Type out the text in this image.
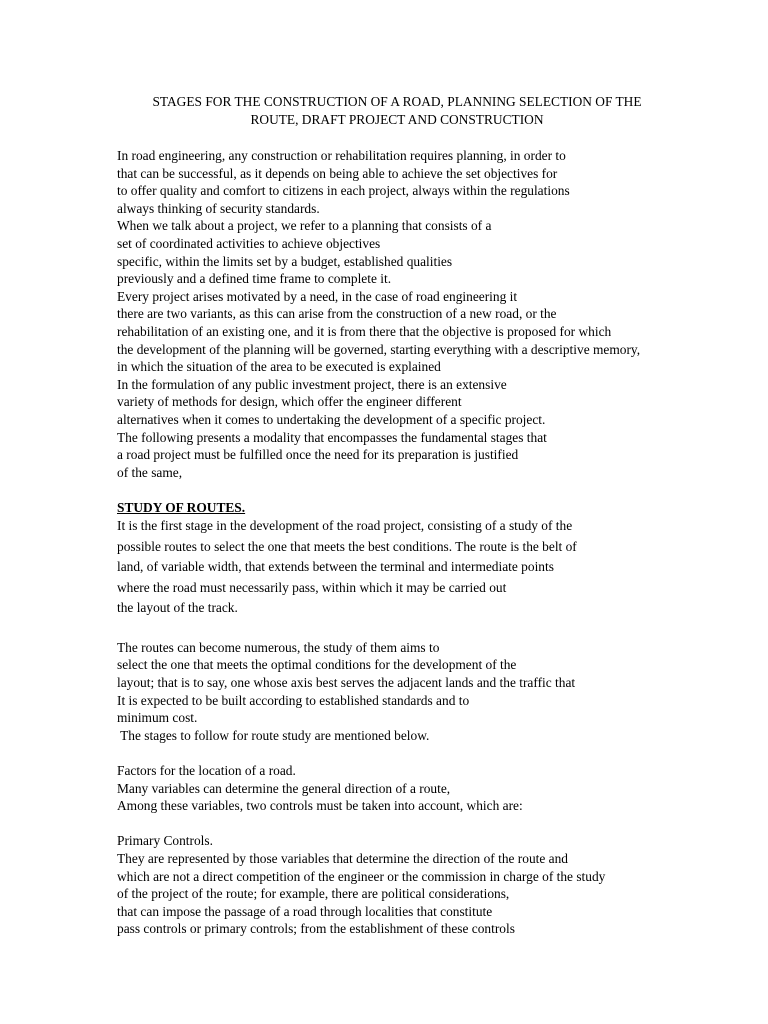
STAGES FOR THE CONSTRUCTION OF A ROAD, PLANNING SELECTION OF THE
ROUTE, DRAFT PROJECT AND CONSTRUCTION
In road engineering, any construction or rehabilitation requires planning, in order to
that can be successful, as it depends on being able to achieve the set objectives for
to offer quality and comfort to citizens in each project, always within the regulations
always thinking of security standards.
When we talk about a project, we refer to a planning that consists of a
set of coordinated activities to achieve objectives
specific, within the limits set by a budget, established qualities
previously and a defined time frame to complete it.
Every project arises motivated by a need, in the case of road engineering it
there are two variants, as this can arise from the construction of a new road, or the
rehabilitation of an existing one, and it is from there that the objective is proposed for which
the development of the planning will be governed, starting everything with a descriptive memory,
in which the situation of the area to be executed is explained
In the formulation of any public investment project, there is an extensive
variety of methods for design, which offer the engineer different
alternatives when it comes to undertaking the development of a specific project.
The following presents a modality that encompasses the fundamental stages that
a road project must be fulfilled once the need for its preparation is justified
of the same,
STUDY OF ROUTES.
It is the first stage in the development of the road project, consisting of a study of the
possible routes to select the one that meets the best conditions. The route is the belt of
land, of variable width, that extends between the terminal and intermediate points
where the road must necessarily pass, within which it may be carried out
the layout of the track.
The routes can become numerous, the study of them aims to
select the one that meets the optimal conditions for the development of the
layout; that is to say, one whose axis best serves the adjacent lands and the traffic that
It is expected to be built according to established standards and to
minimum cost.
The stages to follow for route study are mentioned below.
Factors for the location of a road.
Many variables can determine the general direction of a route,
Among these variables, two controls must be taken into account, which are:
Primary Controls.
They are represented by those variables that determine the direction of the route and
which are not a direct competition of the engineer or the commission in charge of the study
of the project of the route; for example, there are political considerations,
that can impose the passage of a road through localities that constitute
pass controls or primary controls; from the establishment of these controls
